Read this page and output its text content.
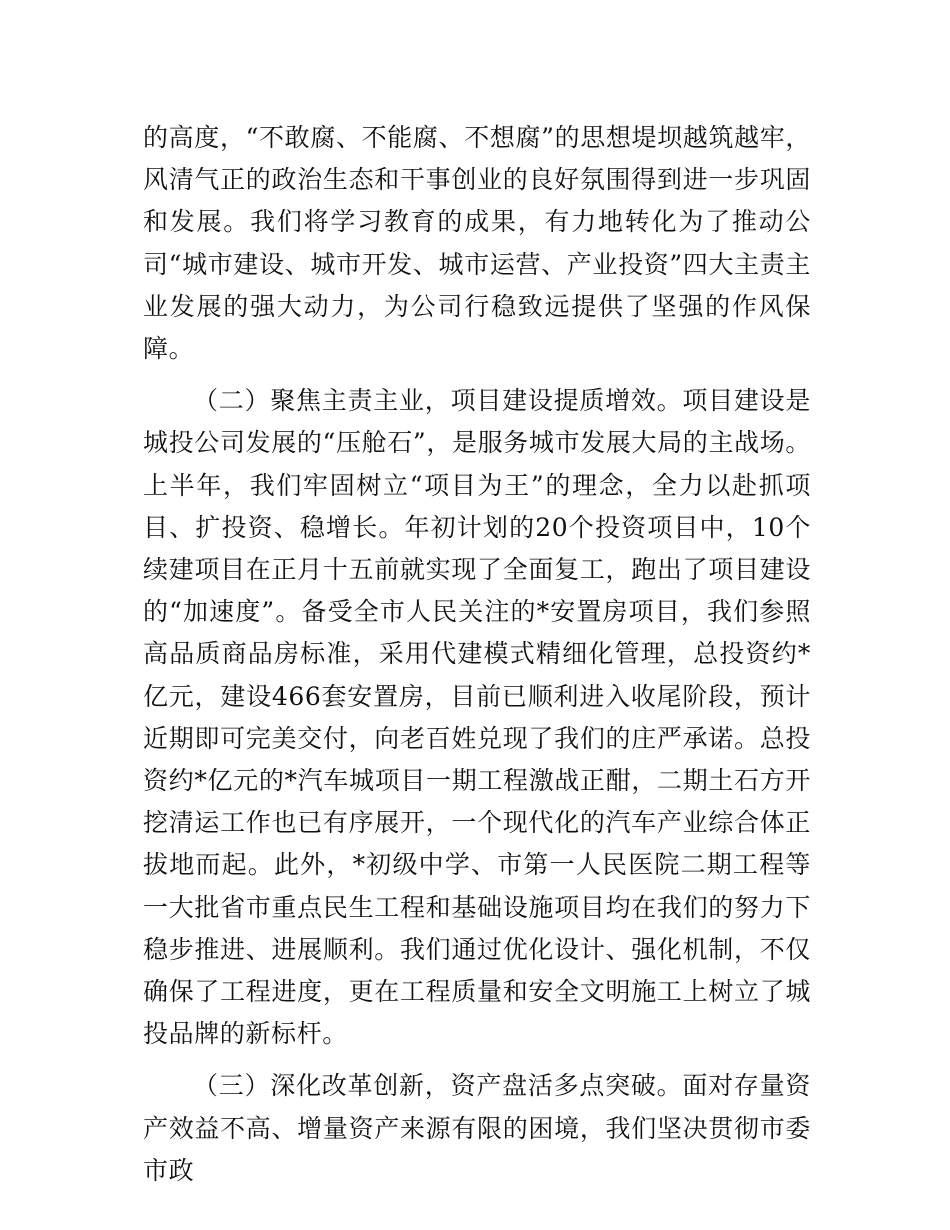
的高度，“不敢腐、不能腐、不想腐”的思想堤坝越筑越牢，风清气正的政治生态和干事创业的良好氛围得到进一步巩固和发展。我们将学习教育的成果，有力地转化为了推动公司“城市建设、城市开发、城市运营、产业投资”四大主责主业发展的强大动力，为公司行稳致远提供了坚强的作风保障。

（二）聚焦主责主业，项目建设提质增效。项目建设是城投公司发展的“压舱石”，是服务城市发展大局的主战场。上半年，我们牢固树立“项目为王”的理念，全力以赴抓项目、扩投资、稳增长。年初计划的20个投资项目中，10个续建项目在正月十五前就实现了全面复工，跑出了项目建设的“加速度”。备受全市人民关注的*安置房项目，我们参照高品质商品房标准，采用代建模式精细化管理，总投资约*亿元，建设466套安置房，目前已顺利进入收尾阶段，预计近期即可完美交付，向老百姓兑现了我们的庄严承诺。总投资约*亿元的*汽车城项目一期工程激战正酣，二期土石方开挖清运工作也已有序展开，一个现代化的汽车产业综合体正拔地而起。此外，*初级中学、市第一人民医院二期工程等一大批省市重点民生工程和基础设施项目均在我们的努力下稳步推进、进展顺利。我们通过优化设计、强化机制，不仅确保了工程进度，更在工程质量和安全文明施工上树立了城投品牌的新标杆。

（三）深化改革创新，资产盘活多点突破。面对存量资产效益不高、增量资产来源有限的困境，我们坚决贯彻市委市政
